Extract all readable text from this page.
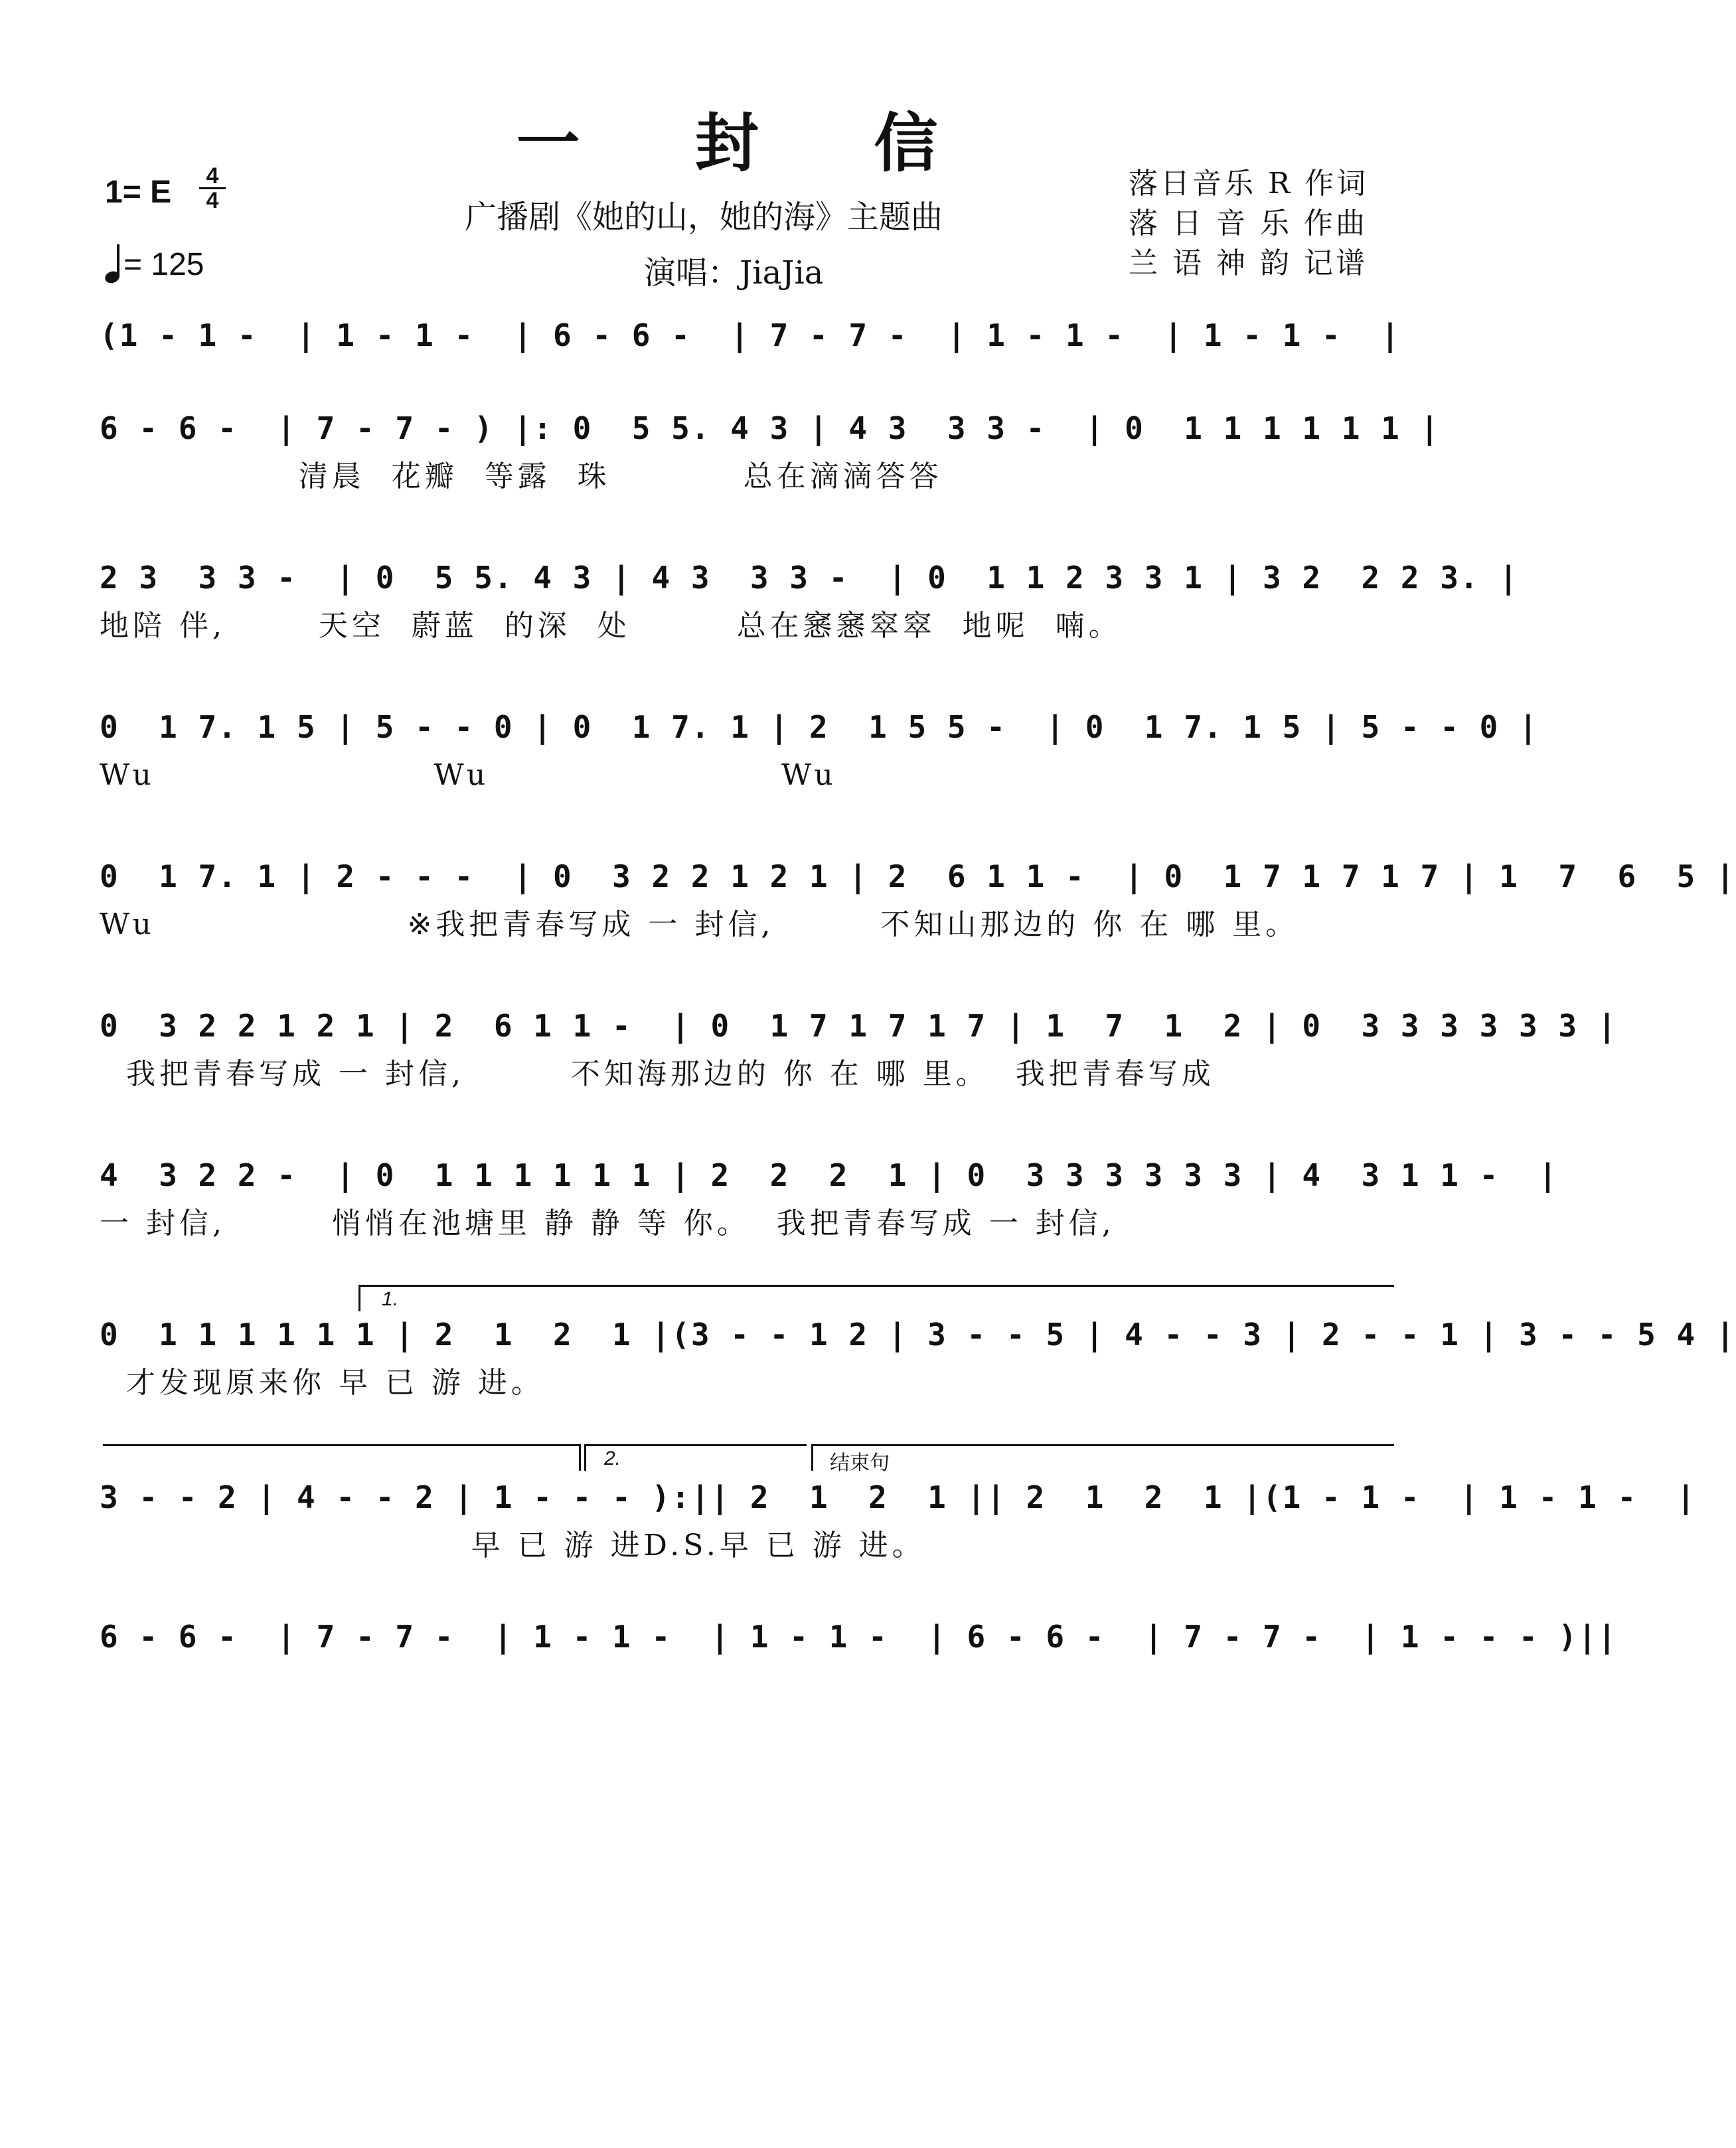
一 封 信
广播剧《她的山，她的海》主题曲
演唱：JiaJia
落日音乐 R 作词
落 日 音 乐 作曲
兰 语 神 韵 记谱
1= E $\frac{4}{4}$
= 125
(1 - 1 -  | 1 - 1 -  | 6 - 6 -  | 7 - 7 -  | 1 - 1 -  | 1 - 1 -  |
6 - 6 -  | 7 - 7 - ) |: 0  5 5. 4 3 | 4 3  3 3 -  | 0  1 1 1 1 1 1 |
清晨  花瓣  等露  珠          总在滴滴答答
2 3  3 3 -  | 0  5 5. 4 3 | 4 3  3 3 -  | 0  1 1 2 3 3 1 | 3 2  2 2 3. |
地陪 伴,       天空  蔚蓝  的深  处        总在窸窸窣窣  地呢  喃。
0  1 7. 1 5 | 5 - - 0 | 0  1 7. 1 | 2  1 5 5 -  | 0  1 7. 1 5 | 5 - - 0 |
Wu                     Wu                      Wu
0  1 7. 1 | 2 - - -  | 0  3 2 2 1 2 1 | 2  6 1 1 -  | 0  1 7 1 7 1 7 | 1  7  6  5 |
Wu                   ※我把青春写成 一 封信,        不知山那边的 你 在 哪 里。
0  3 2 2 1 2 1 | 2  6 1 1 -  | 0  1 7 1 7 1 7 | 1  7  1  2 | 0  3 3 3 3 3 3 |
我把青春写成 一 封信,        不知海那边的 你 在 哪 里。  我把青春写成
4  3 2 2 -  | 0  1 1 1 1 1 1 | 2  2  2  1 | 0  3 3 3 3 3 3 | 4  3 1 1 -  |
一 封信,        悄悄在池塘里 静 静 等 你。  我把青春写成 一 封信,
1.
0  1 1 1 1 1 1 | 2  1  2  1 |(3 - - 1 2 | 3 - - 5 | 4 - - 3 | 2 - - 1 | 3 - - 5 4 |
才发现原来你 早 已 游 进。
2.	结束句
3 - - 2 | 4 - - 2 | 1 - - - ):|| 2  1  2  1 || 2  1  2  1 |(1 - 1 -  | 1 - 1 -  |
早 已 游 进D.S.早 已 游 进。
6 - 6 -  | 7 - 7 -  | 1 - 1 -  | 1 - 1 -  | 6 - 6 -  | 7 - 7 -  | 1 - - - )||
